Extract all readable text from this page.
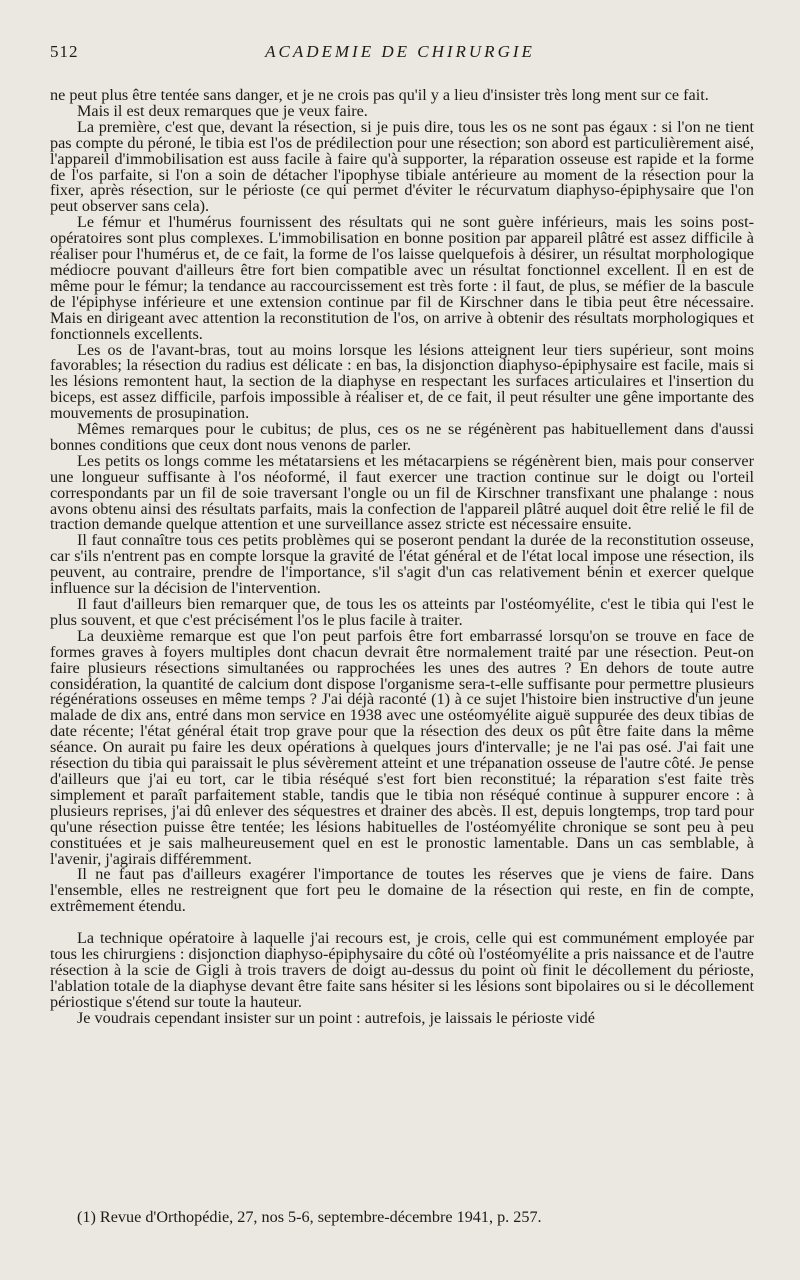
512	ACADEMIE DE CHIRURGIE

ne peut plus être tentée sans danger, et je ne crois pas qu'il y a lieu d'insister très long ment sur ce fait.

Mais il est deux remarques que je veux faire.

La première, c'est que, devant la résection, si je puis dire, tous les os ne sont pas égaux : si l'on ne tient pas compte du péroné, le tibia est l'os de prédilection pour une résection; son abord est particulièrement aisé, l'appareil d'immobilisation est auss facile à faire qu'à supporter, la réparation osseuse est rapide et la forme de l'os parfaite, si l'on a soin de détacher l'ipophyse tibiale antérieure au moment de la résection pour la fixer, après résection, sur le périoste (ce qui permet d'éviter le récurvatum diaphyso-épiphysaire que l'on peut observer sans cela).

Le fémur et l'humérus fournissent des résultats qui ne sont guère inférieurs, mais les soins post-opératoires sont plus complexes. L'immobilisation en bonne position par appareil plâtré est assez difficile à réaliser pour l'humérus et, de ce fait, la forme de l'os laisse quelquefois à désirer, un résultat morphologique médiocre pouvant d'ailleurs être fort bien compatible avec un résultat fonctionnel excellent. Il en est de même pour le fémur; la tendance au raccourcissement est très forte : il faut, de plus, se méfier de la bascule de l'épiphyse inférieure et une extension continue par fil de Kirschner dans le tibia peut être nécessaire. Mais en dirigeant avec attention la reconstitution de l'os, on arrive à obtenir des résultats morphologiques et fonctionnels excellents.

Les os de l'avant-bras, tout au moins lorsque les lésions atteignent leur tiers supérieur, sont moins favorables; la résection du radius est délicate : en bas, la disjonction diaphyso-épiphysaire est facile, mais si les lésions remontent haut, la section de la diaphyse en respectant les surfaces articulaires et l'insertion du biceps, est assez difficile, parfois impossible à réaliser et, de ce fait, il peut résulter une gêne importante des mouvements de prosupination.

Mêmes remarques pour le cubitus; de plus, ces os ne se régénèrent pas habituellement dans d'aussi bonnes conditions que ceux dont nous venons de parler.

Les petits os longs comme les métatarsiens et les métacarpiens se régénèrent bien, mais pour conserver une longueur suffisante à l'os néoformé, il faut exercer une traction continue sur le doigt ou l'orteil correspondants par un fil de soie traversant l'ongle ou un fil de Kirschner transfixant une phalange : nous avons obtenu ainsi des résultats parfaits, mais la confection de l'appareil plâtré auquel doit être relié le fil de traction demande quelque attention et une surveillance assez stricte est nécessaire ensuite.

Il faut connaître tous ces petits problèmes qui se poseront pendant la durée de la reconstitution osseuse, car s'ils n'entrent pas en compte lorsque la gravité de l'état général et de l'état local impose une résection, ils peuvent, au contraire, prendre de l'importance, s'il s'agit d'un cas relativement bénin et exercer quelque influence sur la décision de l'intervention.

Il faut d'ailleurs bien remarquer que, de tous les os atteints par l'ostéomyélite, c'est le tibia qui l'est le plus souvent, et que c'est précisément l'os le plus facile à traiter.

La deuxième remarque est que l'on peut parfois être fort embarrassé lorsqu'on se trouve en face de formes graves à foyers multiples dont chacun devrait être normalement traité par une résection. Peut-on faire plusieurs résections simultanées ou rapprochées les unes des autres ? En dehors de toute autre considération, la quantité de calcium dont dispose l'organisme sera-t-elle suffisante pour permettre plusieurs régénérations osseuses en même temps ? J'ai déjà raconté (1) à ce sujet l'histoire bien instructive d'un jeune malade de dix ans, entré dans mon service en 1938 avec une ostéomyélite aiguë suppurée des deux tibias de date récente; l'état général était trop grave pour que la résection des deux os pût être faite dans la même séance. On aurait pu faire les deux opérations à quelques jours d'intervalle; je ne l'ai pas osé. J'ai fait une résection du tibia qui paraissait le plus sévèrement atteint et une trépanation osseuse de l'autre côté. Je pense d'ailleurs que j'ai eu tort, car le tibia réséqué s'est fort bien reconstitué; la réparation s'est faite très simplement et paraît parfaitement stable, tandis que le tibia non réséqué continue à suppurer encore : à plusieurs reprises, j'ai dû enlever des séquestres et drainer des abcès. Il est, depuis longtemps, trop tard pour qu'une résection puisse être tentée; les lésions habituelles de l'ostéomyélite chronique se sont peu à peu constituées et je sais malheureusement quel en est le pronostic lamentable. Dans un cas semblable, à l'avenir, j'agirais différemment.

Il ne faut pas d'ailleurs exagérer l'importance de toutes les réserves que je viens de faire. Dans l'ensemble, elles ne restreignent que fort peu le domaine de la résection qui reste, en fin de compte, extrêmement étendu.

La technique opératoire à laquelle j'ai recours est, je crois, celle qui est communément employée par tous les chirurgiens : disjonction diaphyso-épiphysaire du côté où l'ostéomyélite a pris naissance et de l'autre résection à la scie de Gigli à trois travers de doigt au-dessus du point où finit le décollement du périoste, l'ablation totale de la diaphyse devant être faite sans hésiter si les lésions sont bipolaires ou si le décollement périostique s'étend sur toute la hauteur.

Je voudrais cependant insister sur un point : autrefois, je laissais le périoste vidé

(1) Revue d'Orthopédie, 27, nos 5-6, septembre-décembre 1941, p. 257.
